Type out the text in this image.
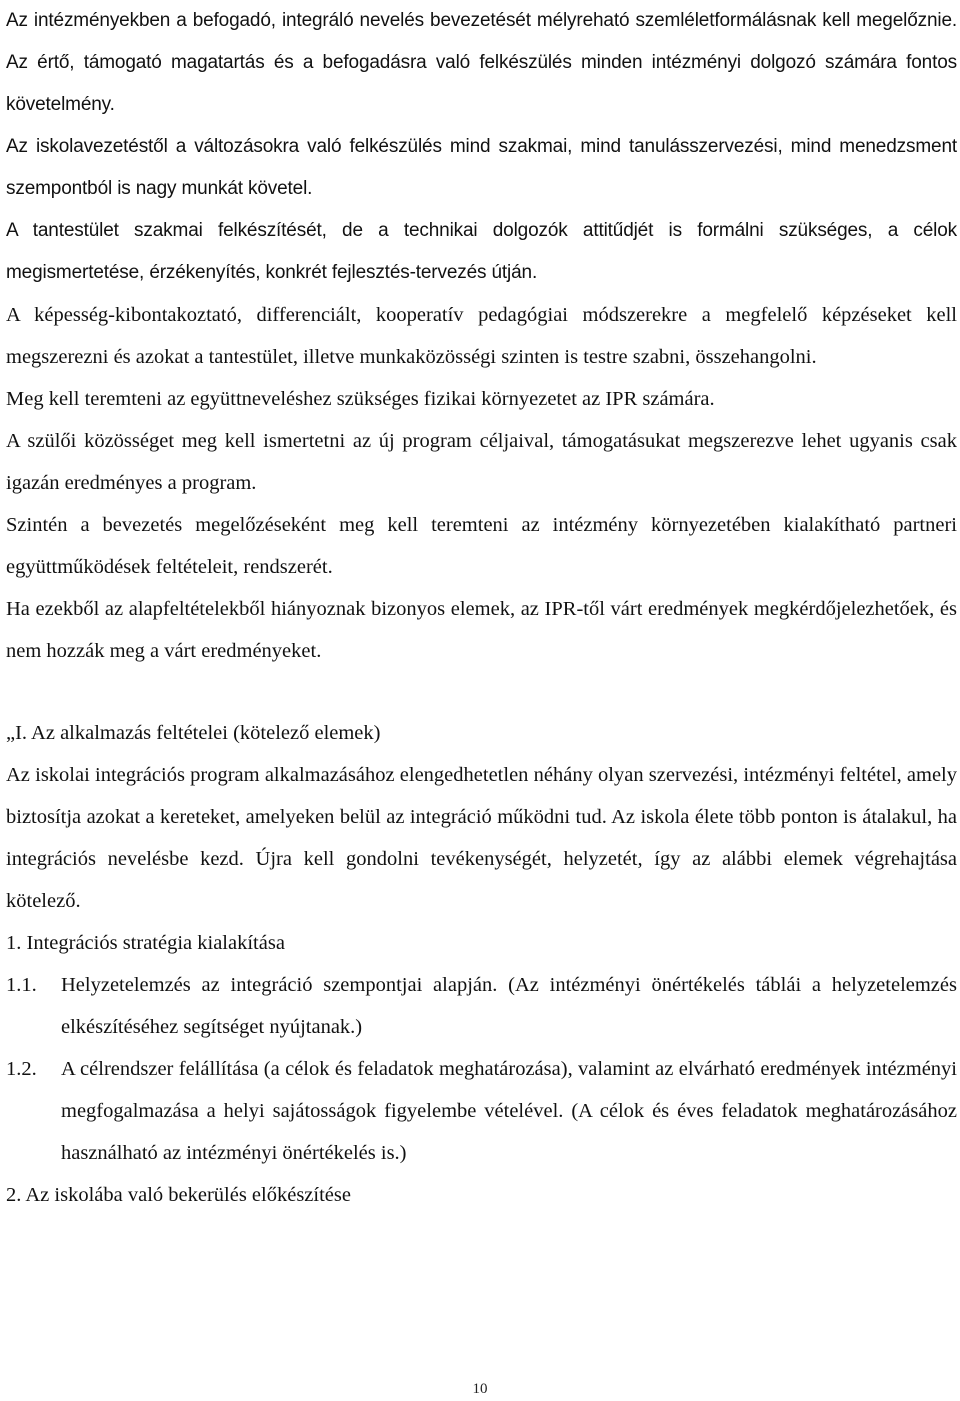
Az intézményekben a befogadó, integráló nevelés bevezetését mélyreható szemléletformálásnak kell megelőznie. Az értő, támogató magatartás és a befogadásra való felkészülés minden intézményi dolgozó számára fontos követelmény.

Az iskolavezetéstől a változásokra való felkészülés mind szakmai, mind tanulásszervezési, mind menedzsment szempontból is nagy munkát követel.

A tantestület szakmai felkészítését, de a technikai dolgozók attitűdjét is formálni szükséges, a célok megismertetése, érzékenyítés, konkrét fejlesztés-tervezés útján.

A képesség-kibontakoztató, differenciált, kooperatív pedagógiai módszerekre a megfelelő képzéseket kell megszerezni és azokat a tantestület, illetve munkaközösségi szinten is testre szabni, összehangolni.

Meg kell teremteni az együttneveléshez szükséges fizikai környezetet az IPR számára.

A szülői közösséget meg kell ismertetni az új program céljaival, támogatásukat megszerezve lehet ugyanis csak igazán eredményes a program.

Szintén a bevezetés megelőzéseként meg kell teremteni az intézmény környezetében kialakítható partneri együttműködések feltételeit, rendszerét.

Ha ezekből az alapfeltételekből hiányoznak bizonyos elemek, az IPR-től várt eredmények megkérdőjelezhetőek, és nem hozzák meg a várt eredményeket.

„I. Az alkalmazás feltételei (kötelező elemek)

Az iskolai integrációs program alkalmazásához elengedhetetlen néhány olyan szervezési, intézményi feltétel, amely biztosítja azokat a kereteket, amelyeken belül az integráció működni tud. Az iskola élete több ponton is átalakul, ha integrációs nevelésbe kezd. Újra kell gondolni tevékenységét, helyzetét, így az alábbi elemek végrehajtása kötelező.

1. Integrációs stratégia kialakítása

1.1. Helyzetelemzés az integráció szempontjai alapján. (Az intézményi önértékelés táblái a helyzetelemzés elkészítéséhez segítséget nyújtanak.)
1.2. A célrendszer felállítása (a célok és feladatok meghatározása), valamint az elvárható eredmények intézményi megfogalmazása a helyi sajátosságok figyelembe vételével. (A célok és éves feladatok meghatározásához használható az intézményi önértékelés is.)

2. Az iskolába való bekerülés előkészítése

10
